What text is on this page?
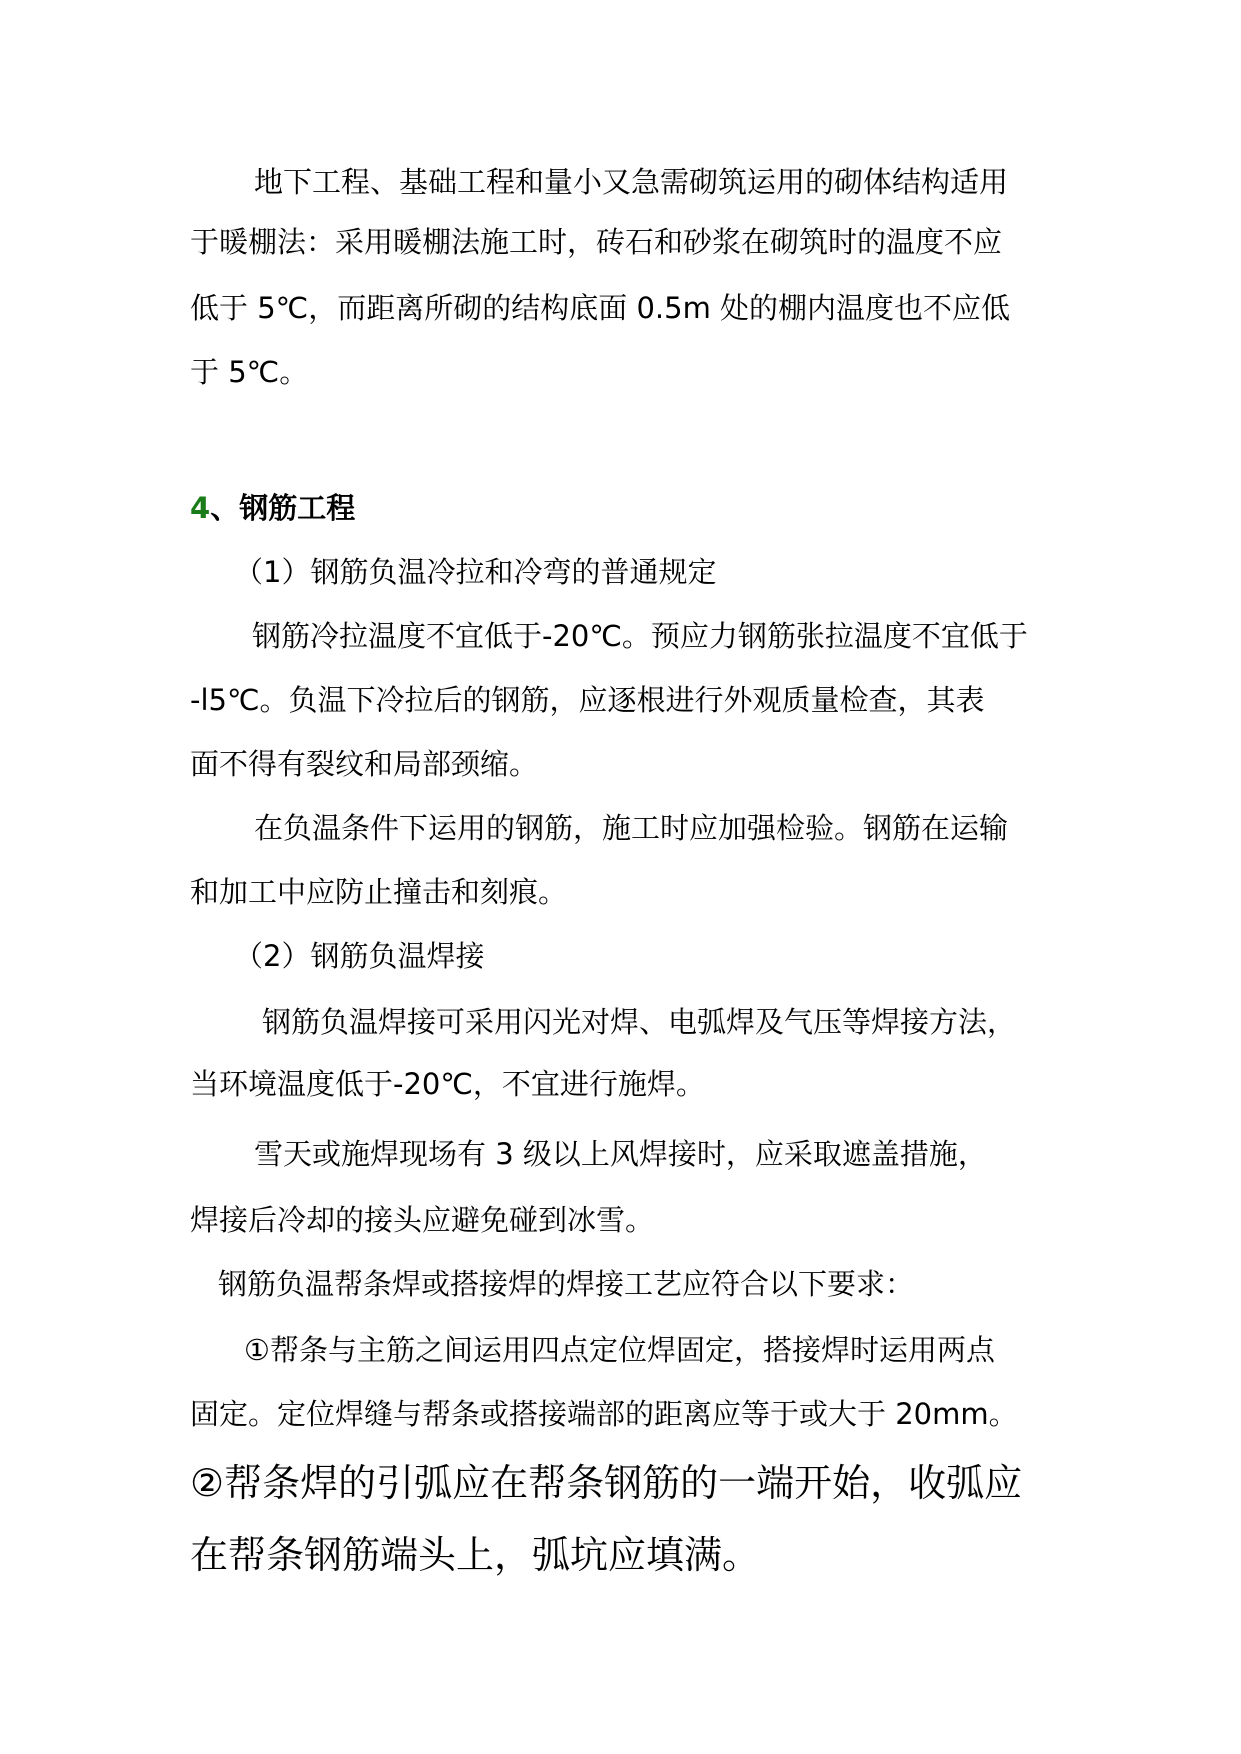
地下工程、基础工程和量小又急需砌筑运用的砌体结构适用
于暖棚法：采用暖棚法施工时，砖石和砂浆在砌筑时的温度不应
低于 5℃，而距离所砌的结构底面 0.5m 处的棚内温度也不应低
于 5℃。
4、钢筋工程
（1）钢筋负温冷拉和冷弯的普通规定
钢筋冷拉温度不宜低于-20℃。预应力钢筋张拉温度不宜低于
-l5℃。负温下冷拉后的钢筋，应逐根进行外观质量检查，其表
面不得有裂纹和局部颈缩。
在负温条件下运用的钢筋，施工时应加强检验。钢筋在运输
和加工中应防止撞击和刻痕。
（2）钢筋负温焊接
钢筋负温焊接可采用闪光对焊、电弧焊及气压等焊接方法，
当环境温度低于-20℃，不宜进行施焊。
雪天或施焊现场有 3 级以上风焊接时，应采取遮盖措施，
焊接后冷却的接头应避免碰到冰雪。
钢筋负温帮条焊或搭接焊的焊接工艺应符合以下要求：
①帮条与主筋之间运用四点定位焊固定，搭接焊时运用两点
固定。定位焊缝与帮条或搭接端部的距离应等于或大于 20mm。
②帮条焊的引弧应在帮条钢筋的一端开始，收弧应
在帮条钢筋端头上，弧坑应填满。
